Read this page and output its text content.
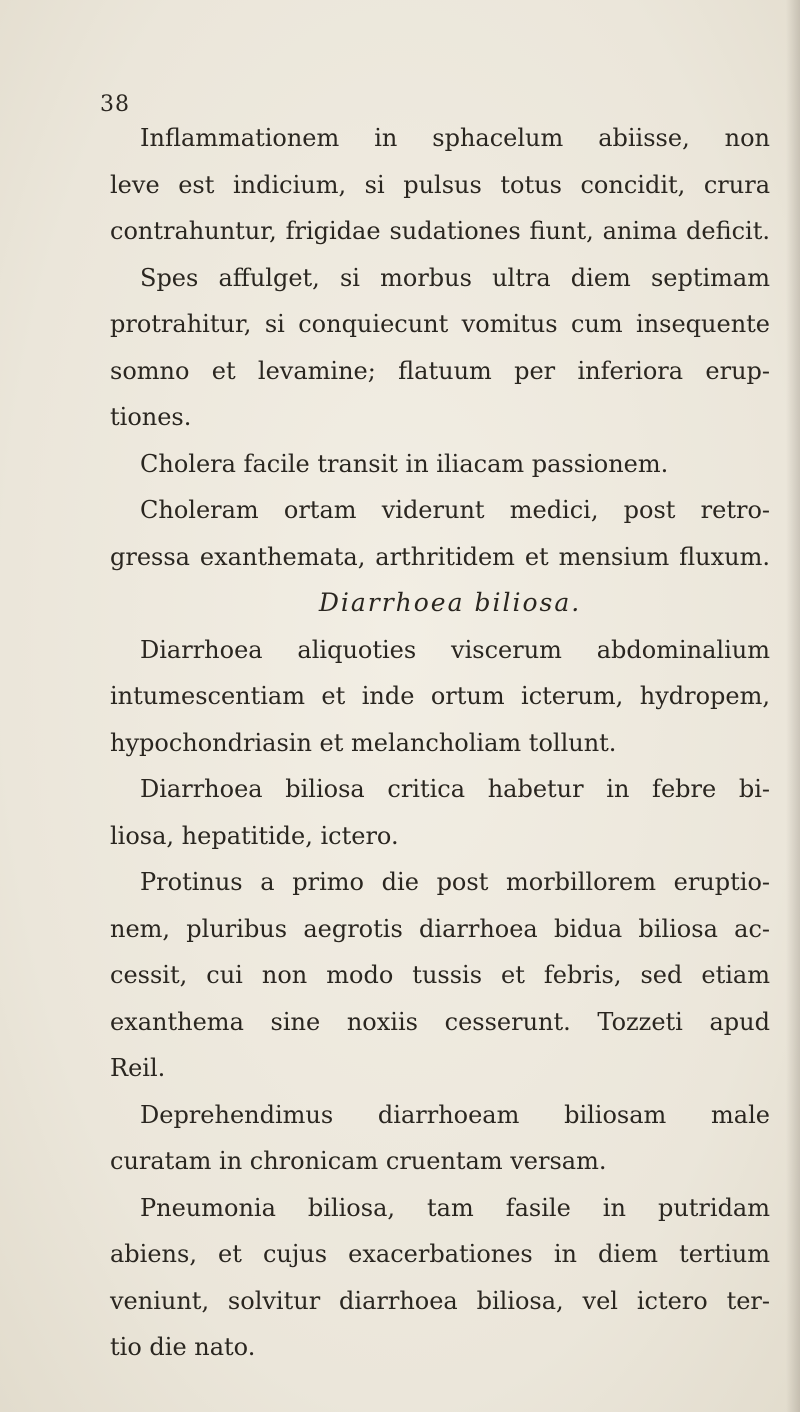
38
Inflammationem in sphacelum abiisse, non
leve est indicium, si pulsus totus concidit, crura
contrahuntur, frigidae sudationes fiunt, anima deficit.
Spes affulget, si morbus ultra diem septimam
protrahitur, si conquiecunt vomitus cum insequente
somno et levamine; flatuum per inferiora erup-
tiones.
Cholera facile transit in iliacam passionem.
Choleram ortam viderunt medici, post retro-
gressa exanthemata, arthritidem et mensium fluxum.
Diarrhoea biliosa.
Diarrhoea aliquoties viscerum abdominalium
intumescentiam et inde ortum icterum, hydropem,
hypochondriasin et melancholiam tollunt.
Diarrhoea biliosa critica habetur in febre bi-
liosa, hepatitide, ictero.
Protinus a primo die post morbillorem eruptio-
nem, pluribus aegrotis diarrhoea bidua biliosa ac-
cessit, cui non modo tussis et febris, sed etiam
exanthema sine noxiis cesserunt. Tozzeti apud
Reil.
Deprehendimus diarrhoeam biliosam male
curatam in chronicam cruentam versam.
Pneumonia biliosa, tam fasile in putridam
abiens, et cujus exacerbationes in diem tertium
veniunt, solvitur diarrhoea biliosa, vel ictero ter-
tio die nato.
